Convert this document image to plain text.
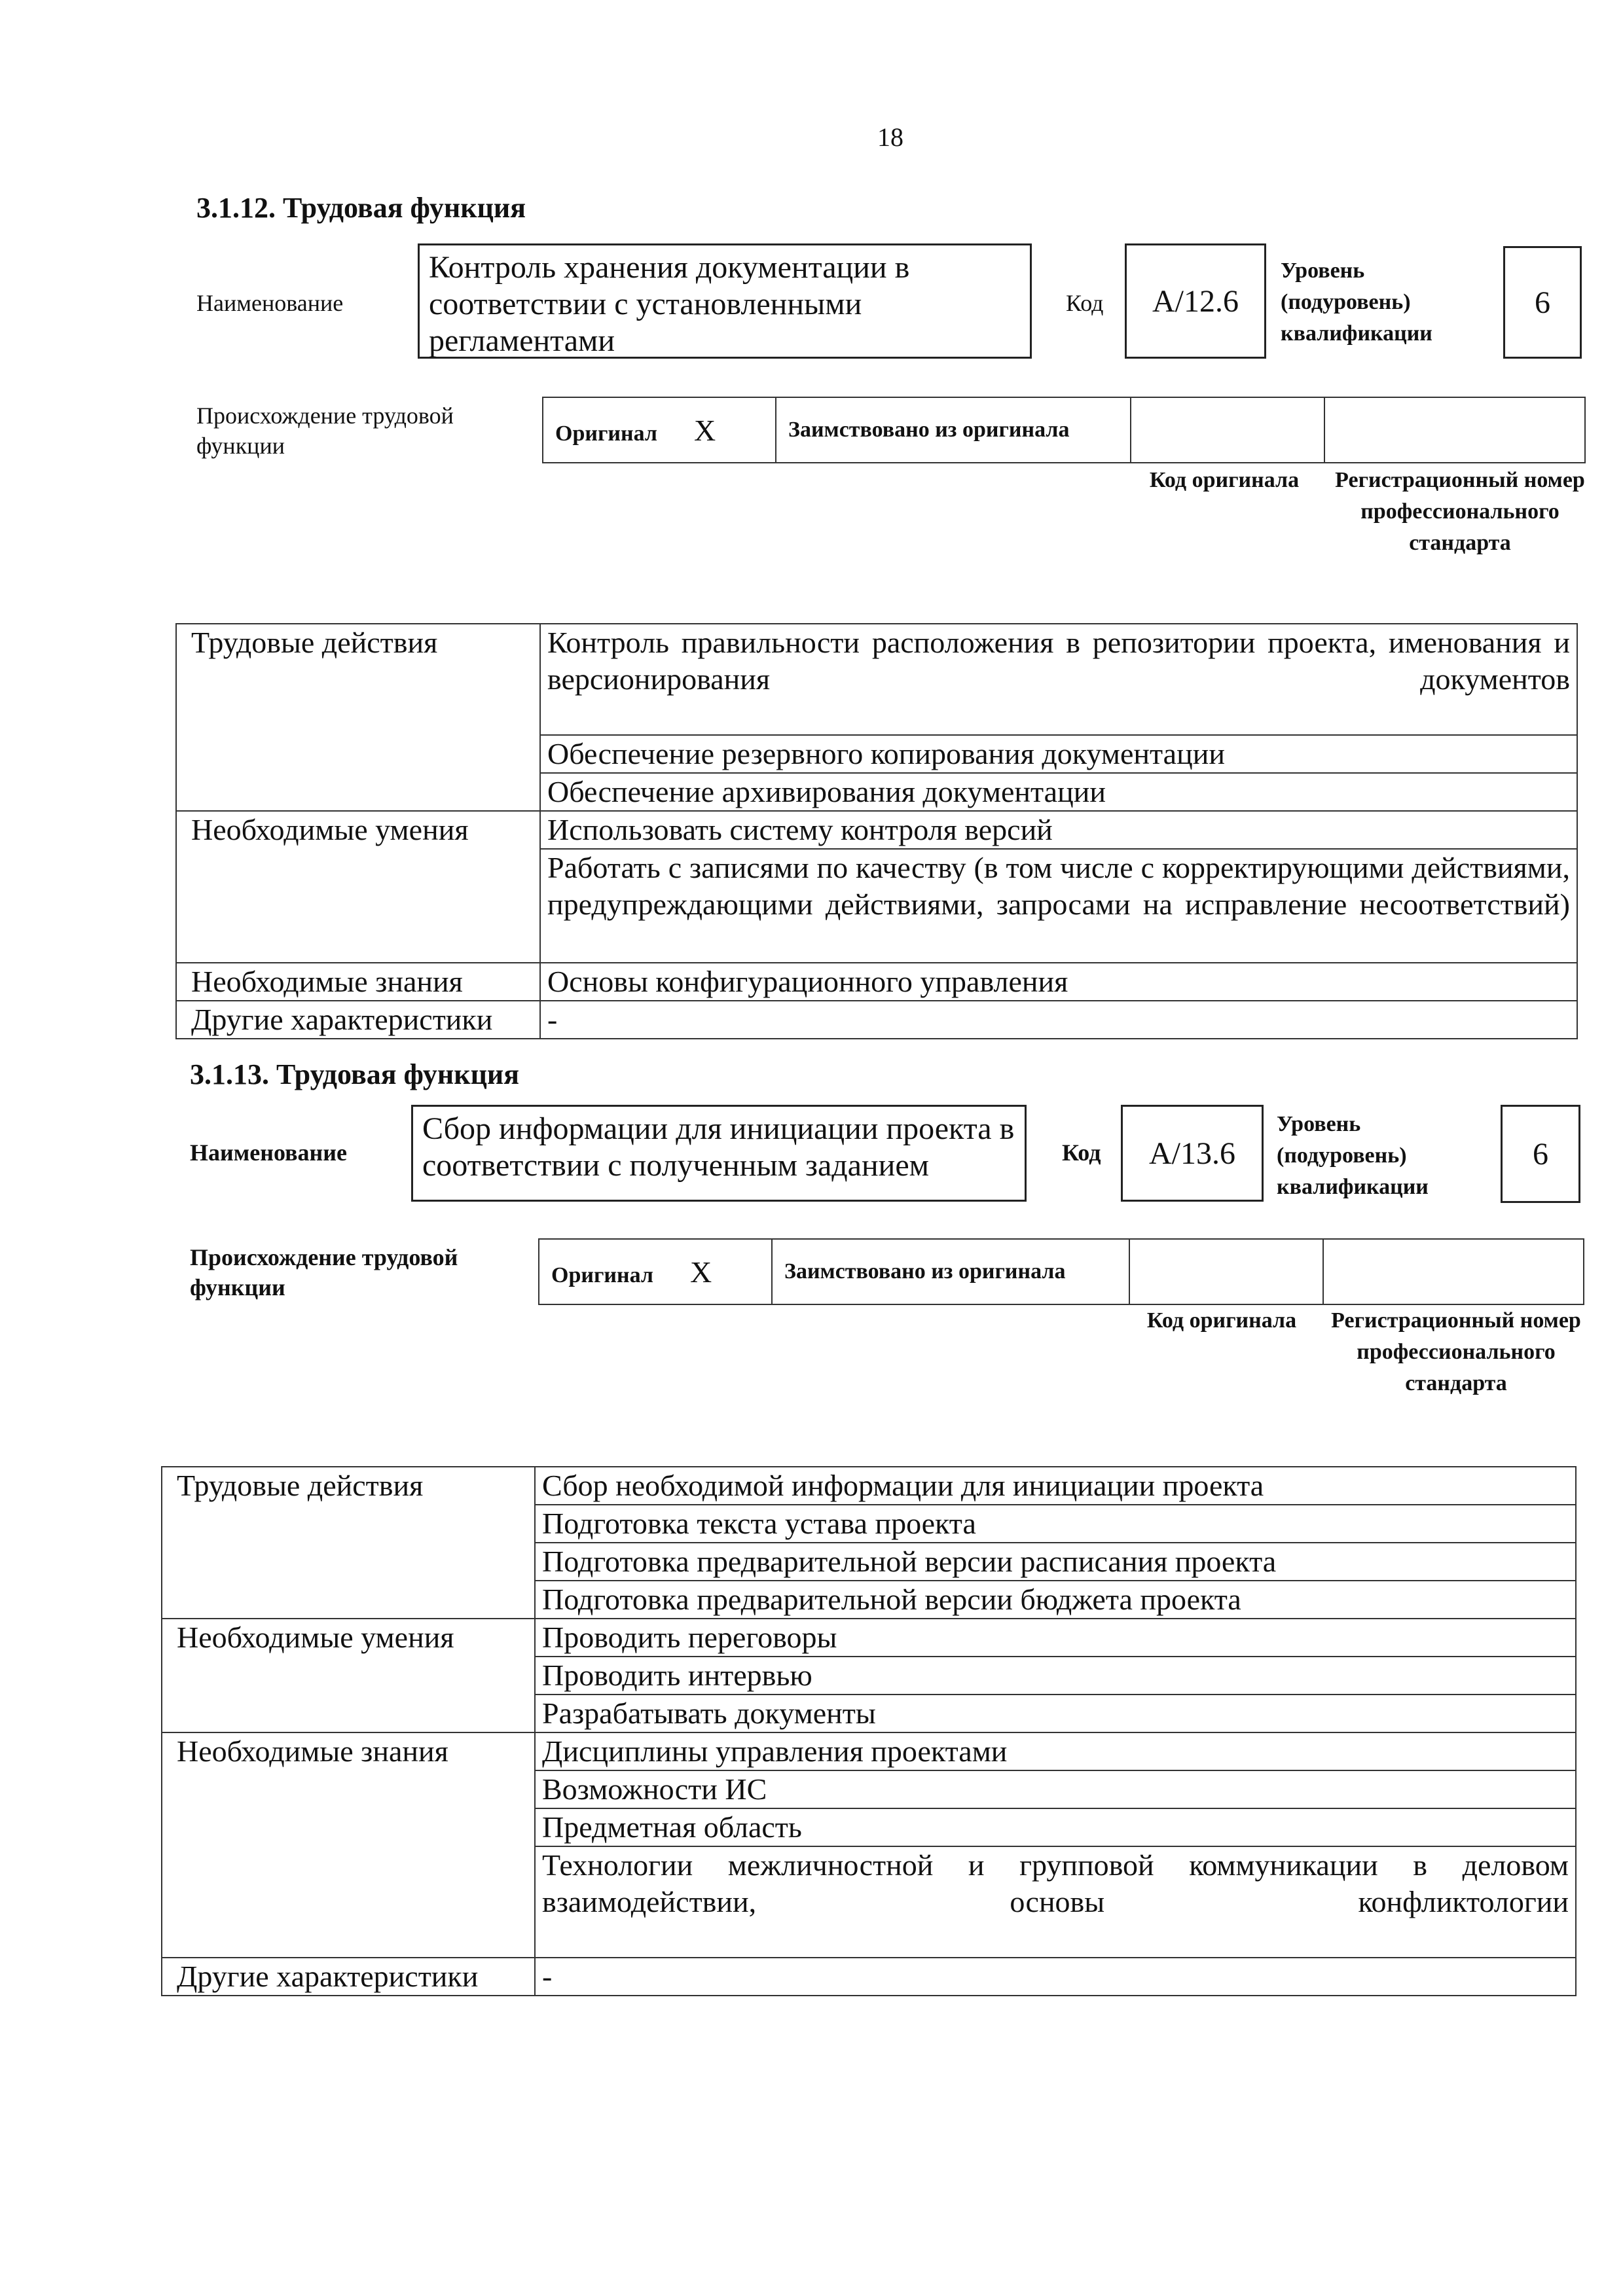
18
3.1.12. Трудовая функция
Наименование
Контроль хранения документации в соответствии с установленными регламентами
Код А/12.6
Уровень (подуровень) квалификации
6
Происхождение трудовой функции	Оригинал X	Заимствовано из оригинала		
Код оригинала	Регистрационный номер профессионального стандарта
Трудовые действия	Контроль правильности расположения в репозитории проекта, именования и версионирования документов
	Обеспечение резервного копирования документации
	Обеспечение архивирования документации
Необходимые умения	Использовать систему контроля версий
	Работать с записями по качеству (в том числе с корректирующими действиями, предупреждающими действиями, запросами на исправление несоответствий)
Необходимые знания	Основы конфигурационного управления
Другие характеристики	-
3.1.13. Трудовая функция
Наименование
Сбор информации для инициации проекта в соответствии с полученным заданием	Код А/13.6
Уровень (подуровень) квалификации
6
Происхождение трудовой функции	Оригинал X	Заимствовано из оригинала		
Код оригинала	Регистрационный номер профессионального стандарта
Трудовые действия	Сбор необходимой информации для инициации проекта
	Подготовка текста устава проекта
	Подготовка предварительной версии расписания проекта
	Подготовка предварительной версии бюджета проекта
Необходимые умения	Проводить переговоры
	Проводить интервью
	Разрабатывать документы
Необходимые знания	Дисциплины управления проектами
	Возможности ИС
	Предметная область
	Технологии межличностной и групповой коммуникации в деловом взаимодействии, основы конфликтологии
Другие характеристики	-
